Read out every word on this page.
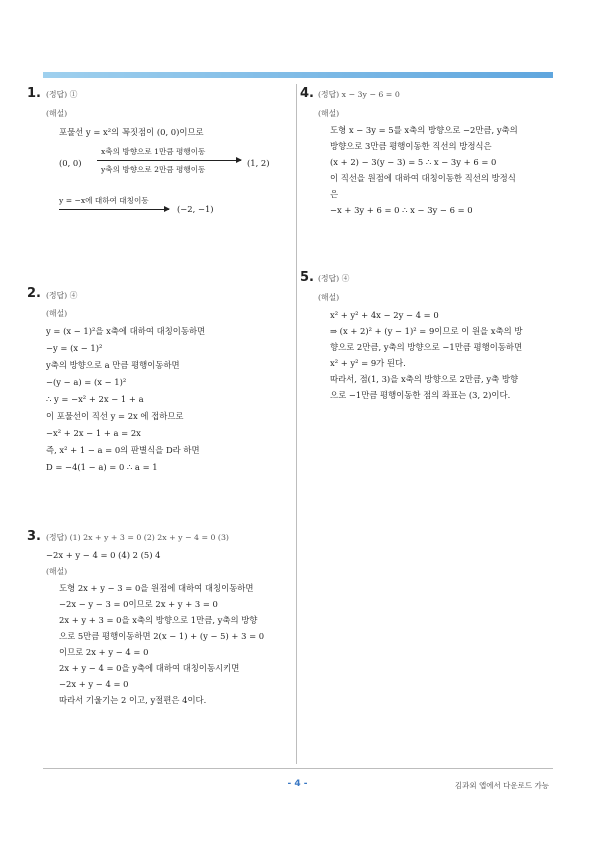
1. (정답) ①
(해설)
포물선 y = x²의 꼭짓점이 (0, 0)이므로
(0, 0)
x축의 방향으로 1만큼 평행이동
y축의 방향으로 2만큼 평행이동
(1, 2)
y = −x에 대하여 대칭이동
(−2, −1)
2. (정답) ④
(해설)
y = (x − 1)²을 x축에 대하여 대칭이동하면
−y = (x − 1)²
y축의 방향으로 a 만큼 평행이동하면
−(y − a) = (x − 1)²
∴ y = −x² + 2x − 1 + a
이 포물선이 직선 y = 2x 에 접하므로
−x² + 2x − 1 + a = 2x
즉, x² + 1 − a = 0의 판별식을 D라 하면
D = −4(1 − a) = 0 ∴ a = 1
3. (정답) (1) 2x + y + 3 = 0 (2) 2x + y − 4 = 0 (3)
−2x + y − 4 = 0 (4) 2 (5) 4
(해설)
도형 2x + y − 3 = 0을 원점에 대하여 대칭이동하면
−2x − y − 3 = 0이므로 2x + y + 3 = 0
2x + y + 3 = 0을 x축의 방향으로 1만큼, y축의 방향
으로 5만큼 평행이동하면 2(x − 1) + (y − 5) + 3 = 0
이므로 2x + y − 4 = 0
2x + y − 4 = 0을 y축에 대하여 대칭이동시키면
−2x + y − 4 = 0
따라서 기울기는 2 이고, y절편은 4이다.
4. (정답) x − 3y − 6 = 0
(해설)
도형 x − 3y = 5를 x축의 방향으로 −2만큼, y축의
방향으로 3만큼 평행이동한 직선의 방정식은
(x + 2) − 3(y − 3) = 5 ∴ x − 3y + 6 = 0
이 직선을 원점에 대하여 대칭이동한 직선의 방정식
은
−x + 3y + 6 = 0 ∴ x − 3y − 6 = 0
5. (정답) ④
(해설)
x² + y² + 4x − 2y − 4 = 0
⇒ (x + 2)² + (y − 1)² = 9이므로 이 원을 x축의 방
향으로 2만큼, y축의 방향으로 −1만큼 평행이동하면
x² + y² = 9가 된다.
따라서, 점(1, 3)을 x축의 방향으로 2만큼, y축 방향
으로 −1만큼 평행이동한 점의 좌표는 (3, 2)이다.
- 4 -	김과외 앱에서 다운로드 가능
